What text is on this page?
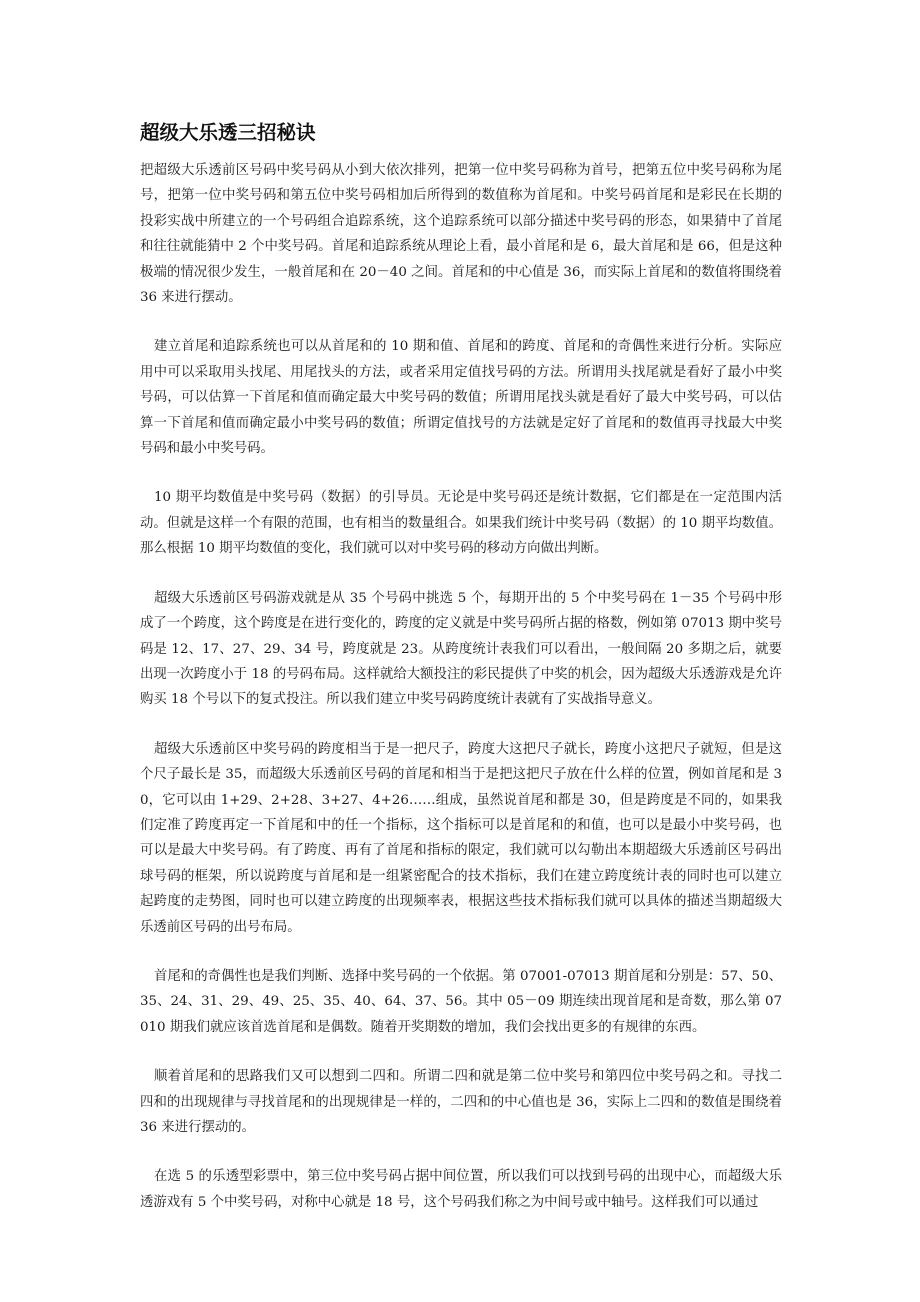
超级大乐透三招秘诀

把超级大乐透前区号码中奖号码从小到大依次排列，把第一位中奖号码称为首号，把第五位中奖号码称为尾号，把第一位中奖号码和第五位中奖号码相加后所得到的数值称为首尾和。中奖号码首尾和是彩民在长期的投彩实战中所建立的一个号码组合追踪系统，这个追踪系统可以部分描述中奖号码的形态，如果猜中了首尾和往往就能猜中 2 个中奖号码。首尾和追踪系统从理论上看，最小首尾和是 6，最大首尾和是 66，但是这种极端的情况很少发生，一般首尾和在 20－40 之间。首尾和的中心值是 36，而实际上首尾和的数值将围绕着 36 来进行摆动。

建立首尾和追踪系统也可以从首尾和的 10 期和值、首尾和的跨度、首尾和的奇偶性来进行分析。实际应用中可以采取用头找尾、用尾找头的方法，或者采用定值找号码的方法。所谓用头找尾就是看好了最小中奖号码，可以估算一下首尾和值而确定最大中奖号码的数值；所谓用尾找头就是看好了最大中奖号码，可以估算一下首尾和值而确定最小中奖号码的数值；所谓定值找号的方法就是定好了首尾和的数值再寻找最大中奖号码和最小中奖号码。

10 期平均数值是中奖号码（数据）的引导员。无论是中奖号码还是统计数据，它们都是在一定范围内活动。但就是这样一个有限的范围，也有相当的数量组合。如果我们统计中奖号码（数据）的 10 期平均数值。那么根据 10 期平均数值的变化，我们就可以对中奖号码的移动方向做出判断。

超级大乐透前区号码游戏就是从 35 个号码中挑选 5 个，每期开出的 5 个中奖号码在 1－35 个号码中形成了一个跨度，这个跨度是在进行变化的，跨度的定义就是中奖号码所占据的格数，例如第 07013 期中奖号码是 12、17、27、29、34 号，跨度就是 23。从跨度统计表我们可以看出，一般间隔 20 多期之后，就要出现一次跨度小于 18 的号码布局。这样就给大额投注的彩民提供了中奖的机会，因为超级大乐透游戏是允许购买 18 个号以下的复式投注。所以我们建立中奖号码跨度统计表就有了实战指导意义。

超级大乐透前区中奖号码的跨度相当于是一把尺子，跨度大这把尺子就长，跨度小这把尺子就短，但是这个尺子最长是 35，而超级大乐透前区号码的首尾和相当于是把这把尺子放在什么样的位置，例如首尾和是 30，它可以由 1+29、2+28、3+27、4+26……组成，虽然说首尾和都是 30，但是跨度是不同的，如果我们定准了跨度再定一下首尾和中的任一个指标，这个指标可以是首尾和的和值，也可以是最小中奖号码，也可以是最大中奖号码。有了跨度、再有了首尾和指标的限定，我们就可以勾勒出本期超级大乐透前区号码出球号码的框架，所以说跨度与首尾和是一组紧密配合的技术指标，我们在建立跨度统计表的同时也可以建立起跨度的走势图，同时也可以建立跨度的出现频率表，根据这些技术指标我们就可以具体的描述当期超级大乐透前区号码的出号布局。

首尾和的奇偶性也是我们判断、选择中奖号码的一个依据。第 07001-07013 期首尾和分别是：57、50、35、24、31、29、49、25、35、40、64、37、56。其中 05－09 期连续出现首尾和是奇数，那么第 07010 期我们就应该首选首尾和是偶数。随着开奖期数的增加，我们会找出更多的有规律的东西。

顺着首尾和的思路我们又可以想到二四和。所谓二四和就是第二位中奖号和第四位中奖号码之和。寻找二四和的出现规律与寻找首尾和的出现规律是一样的，二四和的中心值也是 36，实际上二四和的数值是围绕着 36 来进行摆动的。

在选 5 的乐透型彩票中，第三位中奖号码占据中间位置，所以我们可以找到号码的出现中心，而超级大乐透游戏有 5 个中奖号码，对称中心就是 18 号，这个号码我们称之为中间号或中轴号。这样我们可以通过
